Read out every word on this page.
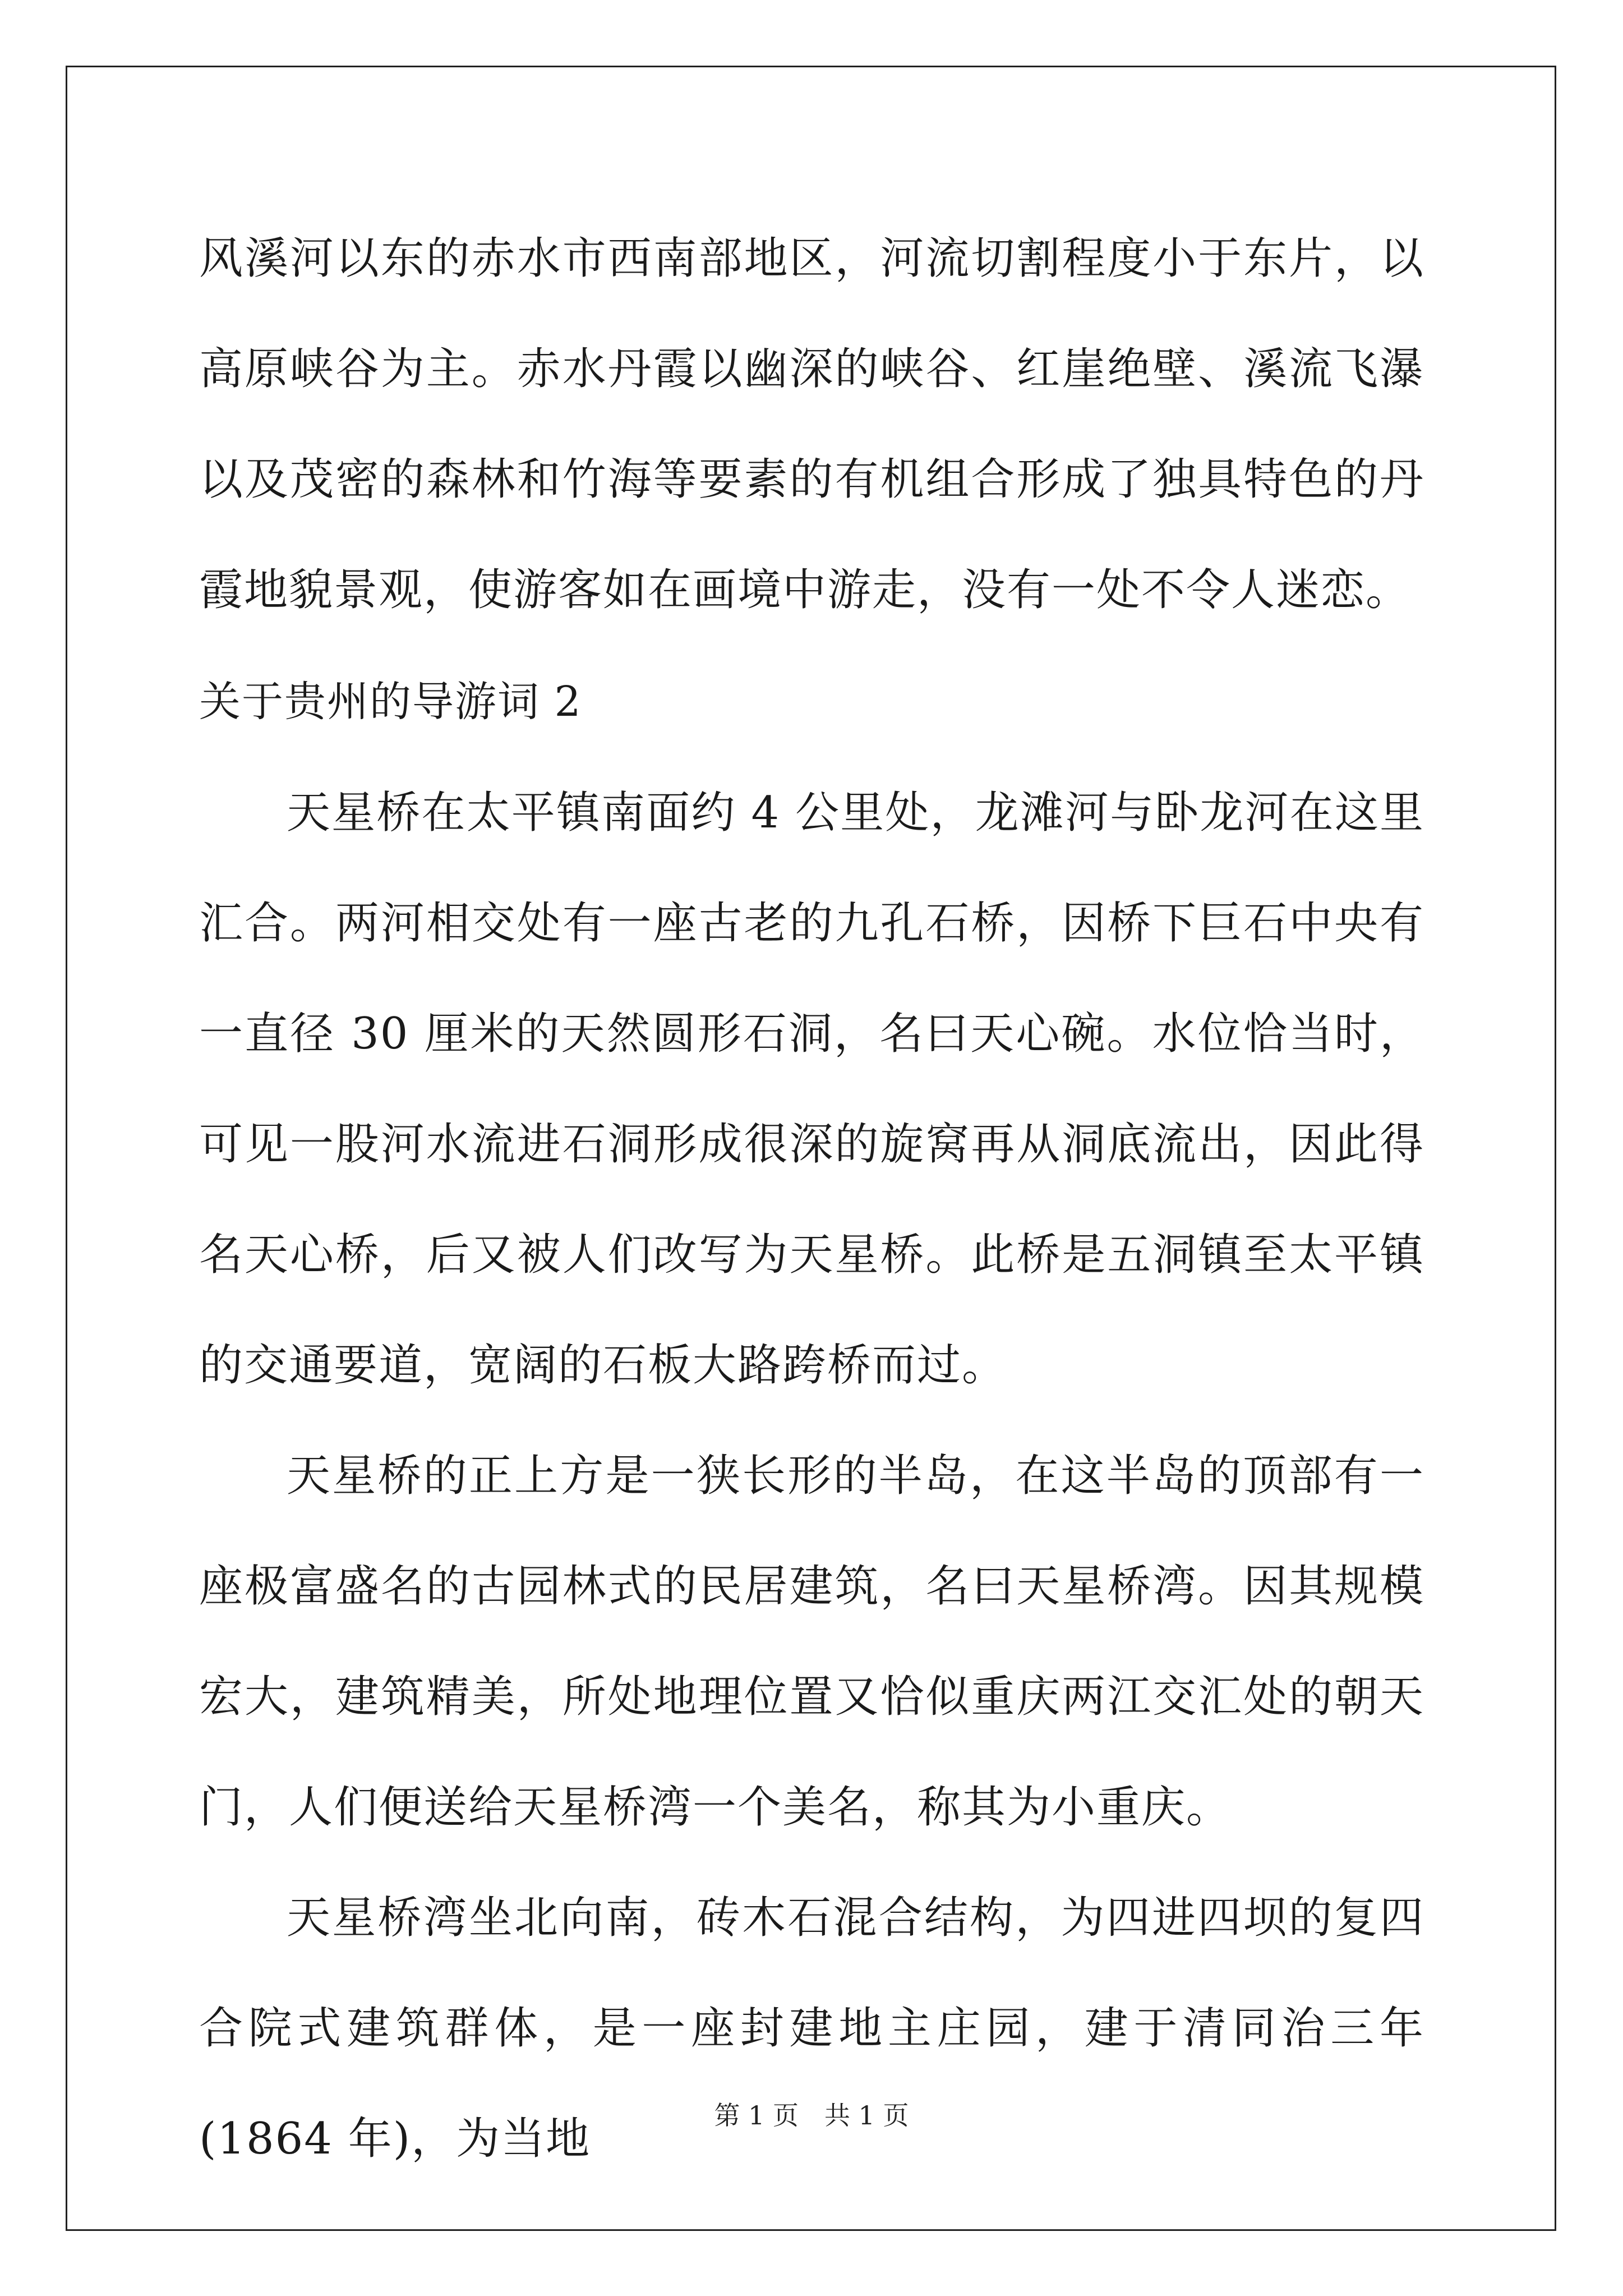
风溪河以东的赤水市西南部地区，河流切割程度小于东片，以高原峡谷为主。赤水丹霞以幽深的峡谷、红崖绝壁、溪流飞瀑以及茂密的森林和竹海等要素的有机组合形成了独具特色的丹霞地貌景观，使游客如在画境中游走，没有一处不令人迷恋。

关于贵州的导游词 2

天星桥在太平镇南面约 4 公里处，龙滩河与卧龙河在这里汇合。两河相交处有一座古老的九孔石桥，因桥下巨石中央有一直径 30 厘米的天然圆形石洞，名曰天心碗。水位恰当时，可见一股河水流进石洞形成很深的旋窝再从洞底流出，因此得名天心桥，后又被人们改写为天星桥。此桥是五洞镇至太平镇的交通要道，宽阔的石板大路跨桥而过。

天星桥的正上方是一狭长形的半岛，在这半岛的顶部有一座极富盛名的古园林式的民居建筑，名曰天星桥湾。因其规模宏大，建筑精美，所处地理位置又恰似重庆两江交汇处的朝天门，人们便送给天星桥湾一个美名，称其为小重庆。

天星桥湾坐北向南，砖木石混合结构，为四进四坝的复四合院式建筑群体，是一座封建地主庄园，建于清同治三年(1864 年)，为当地	第 1 页 共 1 页
